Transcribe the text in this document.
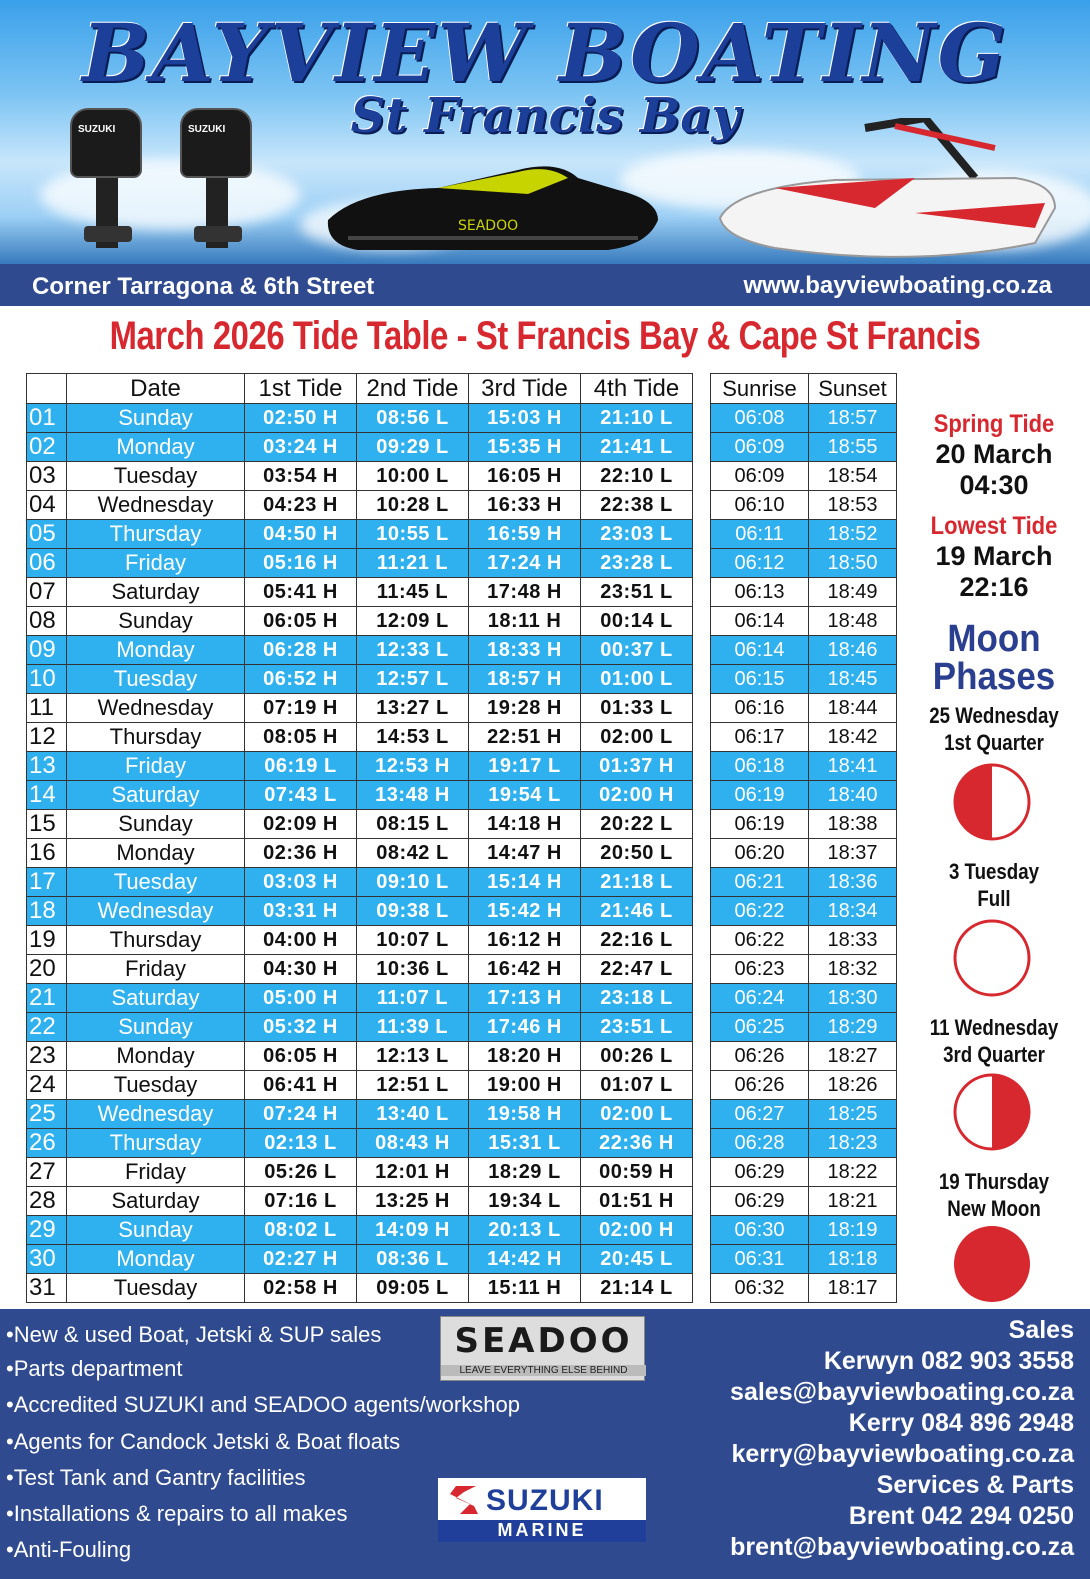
BAYVIEW BOATING
St Francis Bay
SUZUKI	SUZUKI
SEADOO
Corner Tarragona & 6th Street	www.bayviewboating.co.za
March 2026 Tide Table - St Francis Bay & Cape St Francis
	Date	1st Tide	2nd Tide	3rd Tide	4th Tide
01	Sunday	02:50 H	08:56 L	15:03 H	21:10 L
02	Monday	03:24 H	09:29 L	15:35 H	21:41 L
03	Tuesday	03:54 H	10:00 L	16:05 H	22:10 L
04	Wednesday	04:23 H	10:28 L	16:33 H	22:38 L
05	Thursday	04:50 H	10:55 L	16:59 H	23:03 L
06	Friday	05:16 H	11:21 L	17:24 H	23:28 L
07	Saturday	05:41 H	11:45 L	17:48 H	23:51 L
08	Sunday	06:05 H	12:09 L	18:11 H	00:14 L
09	Monday	06:28 H	12:33 L	18:33 H	00:37 L
10	Tuesday	06:52 H	12:57 L	18:57 H	01:00 L
11	Wednesday	07:19 H	13:27 L	19:28 H	01:33 L
12	Thursday	08:05 H	14:53 L	22:51 H	02:00 L
13	Friday	06:19 L	12:53 H	19:17 L	01:37 H
14	Saturday	07:43 L	13:48 H	19:54 L	02:00 H
15	Sunday	02:09 H	08:15 L	14:18 H	20:22 L
16	Monday	02:36 H	08:42 L	14:47 H	20:50 L
17	Tuesday	03:03 H	09:10 L	15:14 H	21:18 L
18	Wednesday	03:31 H	09:38 L	15:42 H	21:46 L
19	Thursday	04:00 H	10:07 L	16:12 H	22:16 L
20	Friday	04:30 H	10:36 L	16:42 H	22:47 L
21	Saturday	05:00 H	11:07 L	17:13 H	23:18 L
22	Sunday	05:32 H	11:39 L	17:46 H	23:51 L
23	Monday	06:05 H	12:13 L	18:20 H	00:26 L
24	Tuesday	06:41 H	12:51 L	19:00 H	01:07 L
25	Wednesday	07:24 H	13:40 L	19:58 H	02:00 L
26	Thursday	02:13 L	08:43 H	15:31 L	22:36 H
27	Friday	05:26 L	12:01 H	18:29 L	00:59 H
28	Saturday	07:16 L	13:25 H	19:34 L	01:51 H
29	Sunday	08:02 L	14:09 H	20:13 L	02:00 H
30	Monday	02:27 H	08:36 L	14:42 H	20:45 L
31	Tuesday	02:58 H	09:05 L	15:11 H	21:14 L
Sunrise	Sunset
06:08	18:57
06:09	18:55
06:09	18:54
06:10	18:53
06:11	18:52
06:12	18:50
06:13	18:49
06:14	18:48
06:14	18:46
06:15	18:45
06:16	18:44
06:17	18:42
06:18	18:41
06:19	18:40
06:19	18:38
06:20	18:37
06:21	18:36
06:22	18:34
06:22	18:33
06:23	18:32
06:24	18:30
06:25	18:29
06:26	18:27
06:26	18:26
06:27	18:25
06:28	18:23
06:29	18:22
06:29	18:21
06:30	18:19
06:31	18:18
06:32	18:17
Spring Tide
20 March
04:30
Lowest Tide
19 March
22:16
Moon
Phases
25 Wednesday
1st Quarter
3 Tuesday
Full
11 Wednesday
3rd Quarter
19 Thursday
New Moon
•New & used Boat, Jetski & SUP sales
•Parts department
•Accredited SUZUKI and SEADOO agents/workshop
•Agents for Candock Jetski & Boat floats
•Test Tank and Gantry facilities
•Installations & repairs to all makes
•Anti-Fouling
SEADOO
LEAVE EVERYTHING ELSE BEHIND
SUZUKI
MARINE
Sales
Kerwyn 082 903 3558
sales@bayviewboating.co.za
Kerry 084 896 2948
kerry@bayviewboating.co.za
Services & Parts
Brent 042 294 0250
brent@bayviewboating.co.za
